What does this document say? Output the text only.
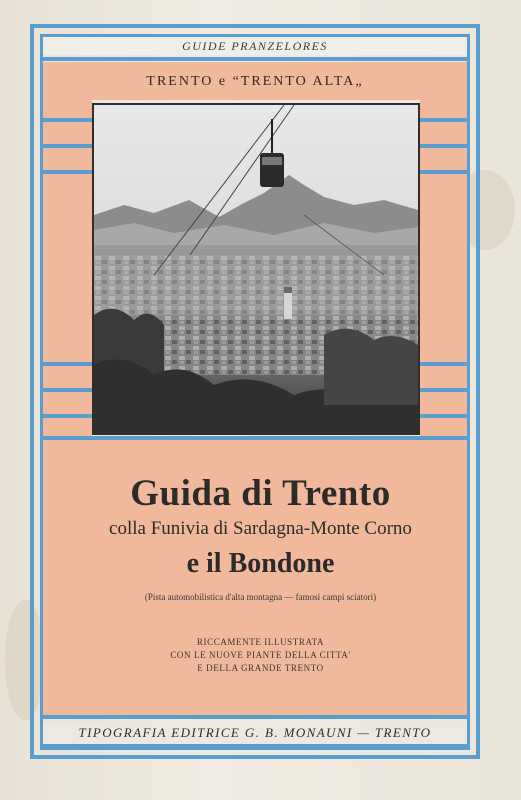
GUIDE PRANZELORES
TRENTO e “TRENTO ALTA„
Guida di Trento
colla Funivia di Sardagna-Monte Corno
e il Bondone
(Pista automobilistica d'alta montagna — famosi campi sciatori)
RICCAMENTE ILLUSTRATA
CON LE NUOVE PIANTE DELLA CITTA'
E DELLA GRANDE TRENTO
TIPOGRAFIA EDITRICE G. B. MONAUNI — TRENTO
